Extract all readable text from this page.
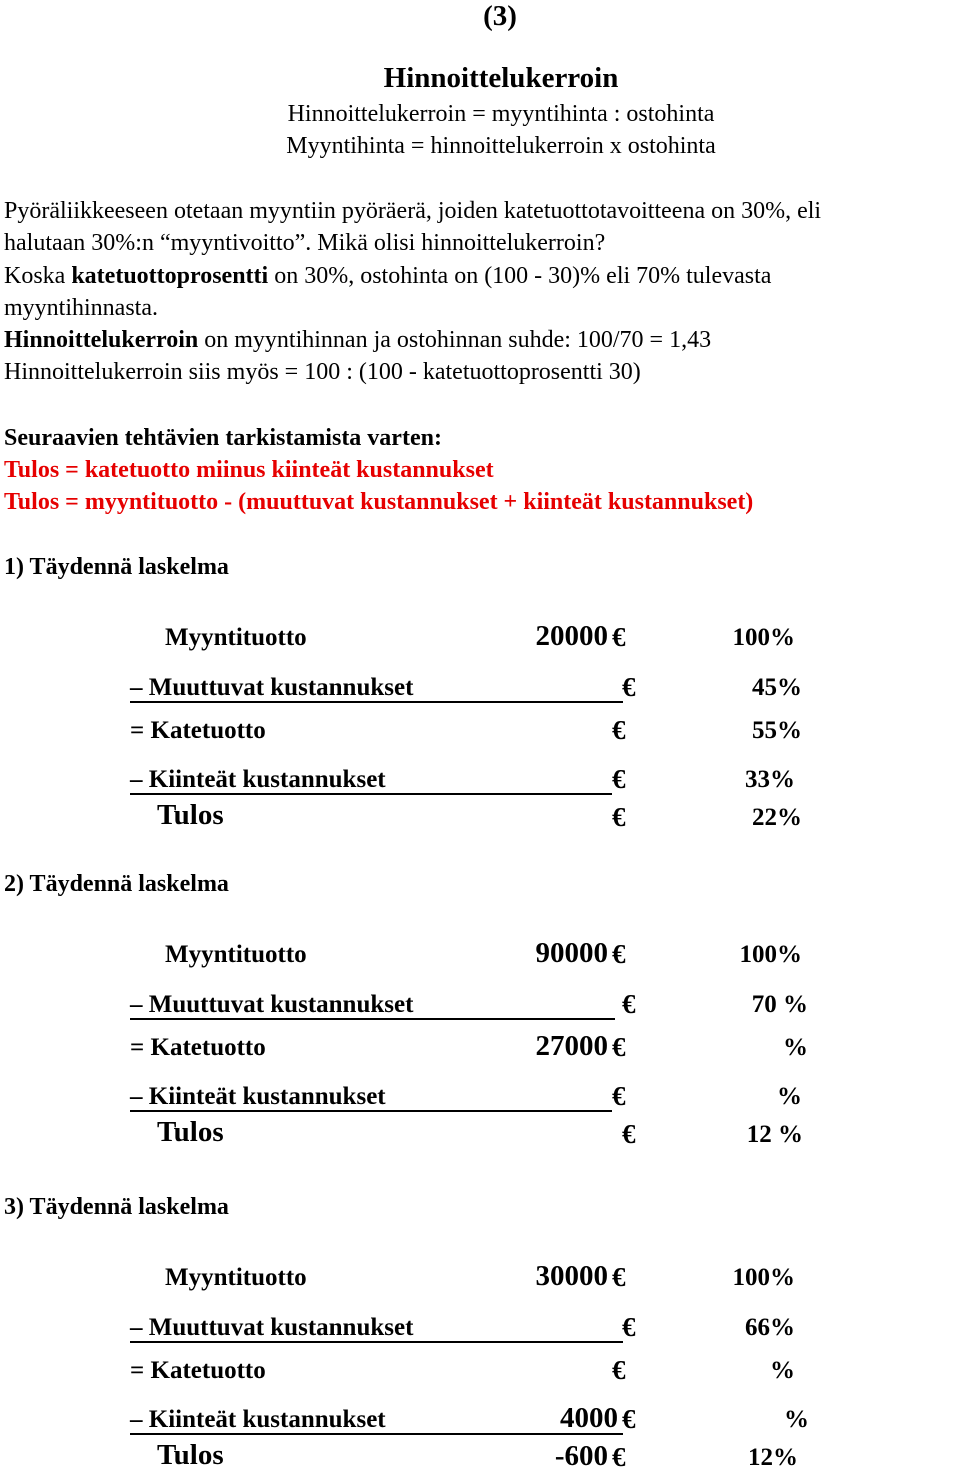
(3)
Hinnoittelukerroin
Hinnoittelukerroin = myyntihinta : ostohinta
Myyntihinta = hinnoittelukerroin x ostohinta
Pyöräliikkeeseen otetaan myyntiin pyöräerä, joiden katetuottotavoitteena on 30%, eli
halutaan 30%:n “myyntivoitto”. Mikä olisi hinnoittelukerroin?
Koska katetuottoprosentti on 30%, ostohinta on (100 - 30)% eli 70% tulevasta
myyntihinnasta.
Hinnoittelukerroin on myyntihinnan ja ostohinnan suhde: 100/70 = 1,43
Hinnoittelukerroin siis myös = 100 : (100 - katetuottoprosentti 30)
Seuraavien tehtävien tarkistamista varten:
Tulos = katetuotto miinus kiinteät kustannukset
Tulos = myyntituotto - (muuttuvat kustannukset + kiinteät kustannukset)
1) Täydennä laskelma
Myyntituotto	20000 €	100%
– Muuttuvat kustannukset	€	45%
= Katetuotto	€	55%
– Kiinteät kustannukset	€	33%
Tulos	€	22%
2) Täydennä laskelma
Myyntituotto	90000 €	100%
– Muuttuvat kustannukset	€	70 %
= Katetuotto	27000 €	%
– Kiinteät kustannukset	€	%
Tulos	€	12 %
3) Täydennä laskelma
Myyntituotto	30000 €	100%
– Muuttuvat kustannukset	€	66%
= Katetuotto	€	%
– Kiinteät kustannukset	4000 €	%
Tulos	-600 €	12%
